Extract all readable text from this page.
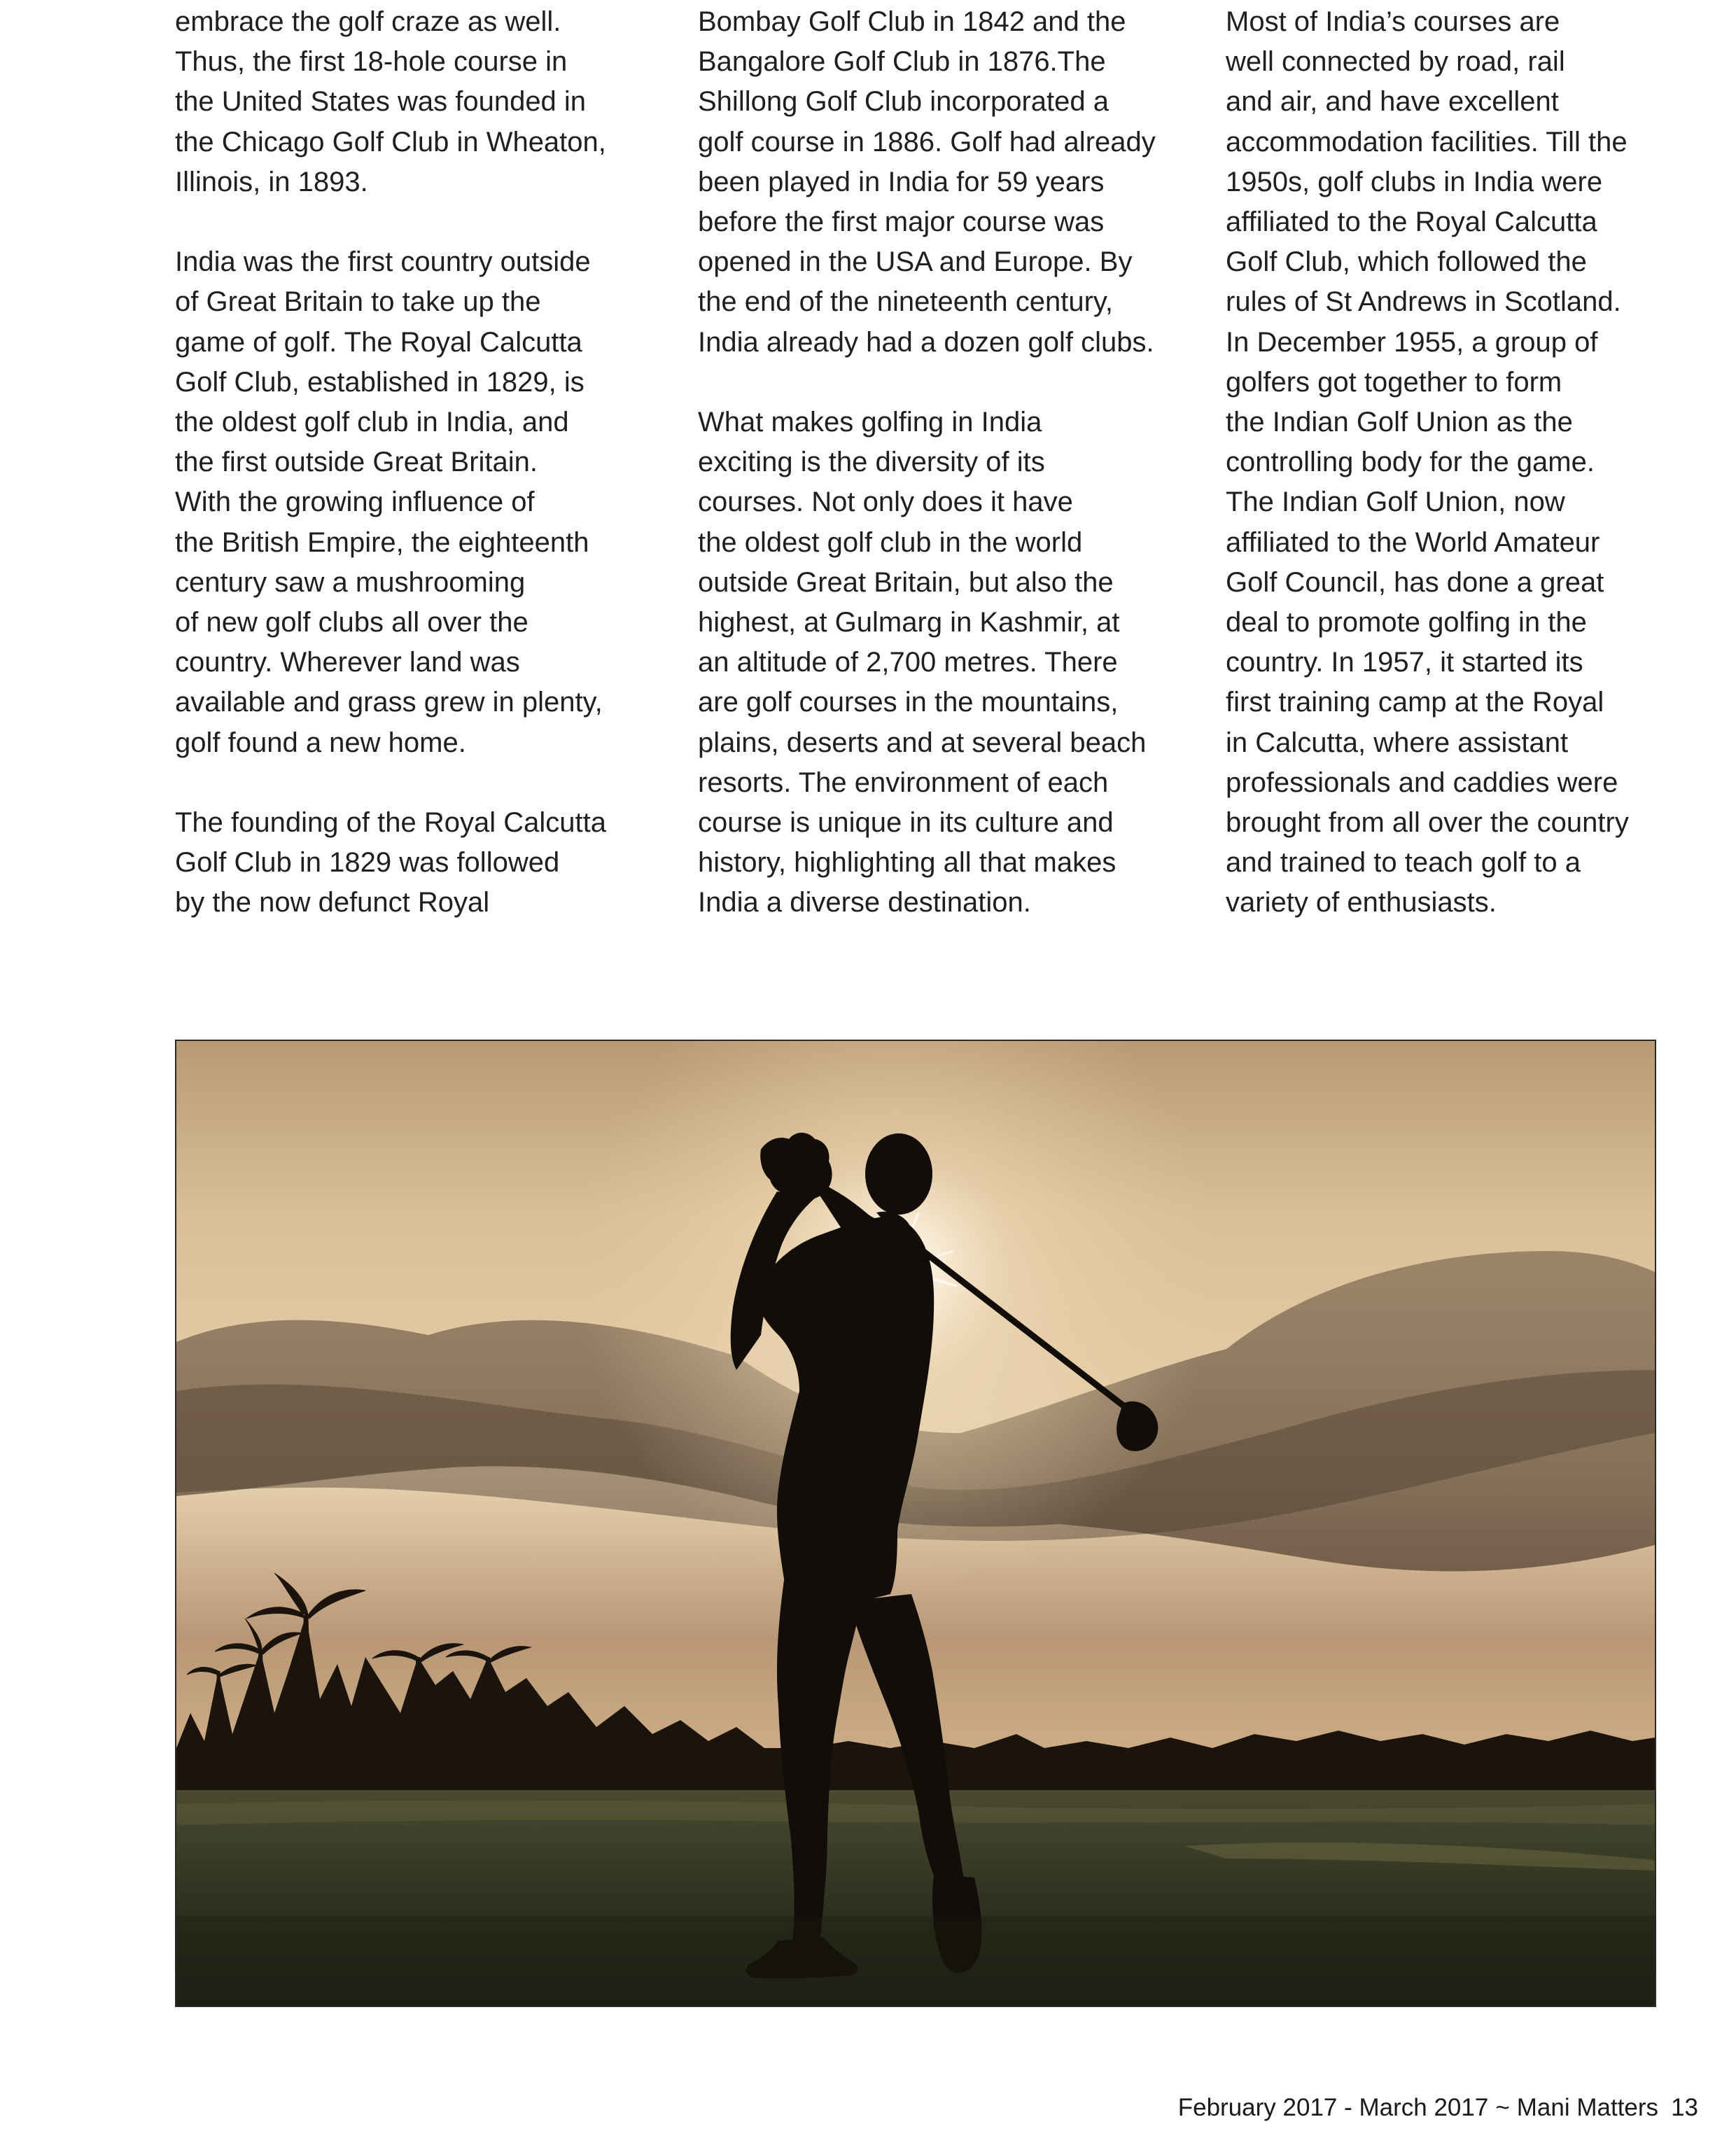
embrace the golf craze as well.
Thus, the first 18-hole course in
the United States was founded in
the Chicago Golf Club in Wheaton,
Illinois, in 1893.

India was the first country outside
of Great Britain to take up the
game of golf. The Royal Calcutta
Golf Club, established in 1829, is
the oldest golf club in India, and
the first outside Great Britain.
With the growing influence of
the British Empire, the eighteenth
century saw a mushrooming
of new golf clubs all over the
country. Wherever land was
available and grass grew in plenty,
golf found a new home.

The founding of the Royal Calcutta
Golf Club in 1829 was followed
by the now defunct Royal

Bombay Golf Club in 1842 and the
Bangalore Golf Club in 1876.The
Shillong Golf Club incorporated a
golf course in 1886. Golf had already
been played in India for 59 years
before the first major course was
opened in the USA and Europe. By
the end of the nineteenth century,
India already had a dozen golf clubs.

What makes golfing in India
exciting is the diversity of its
courses. Not only does it have
the oldest golf club in the world
outside Great Britain, but also the
highest, at Gulmarg in Kashmir, at
an altitude of 2,700 metres. There
are golf courses in the mountains,
plains, deserts and at several beach
resorts. The environment of each
course is unique in its culture and
history, highlighting all that makes
India a diverse destination.

Most of India’s courses are
well connected by road, rail
and air, and have excellent
accommodation facilities. Till the
1950s, golf clubs in India were
affiliated to the Royal Calcutta
Golf Club, which followed the
rules of St Andrews in Scotland.
In December 1955, a group of
golfers got together to form
the Indian Golf Union as the
controlling body for the game.
The Indian Golf Union, now
affiliated to the World Amateur
Golf Council, has done a great
deal to promote golfing in the
country. In 1957, it started its
first training camp at the Royal
in Calcutta, where assistant
professionals and caddies were
brought from all over the country
and trained to teach golf to a
variety of enthusiasts.

February 2017 - March 2017 ~ Mani Matters 13
